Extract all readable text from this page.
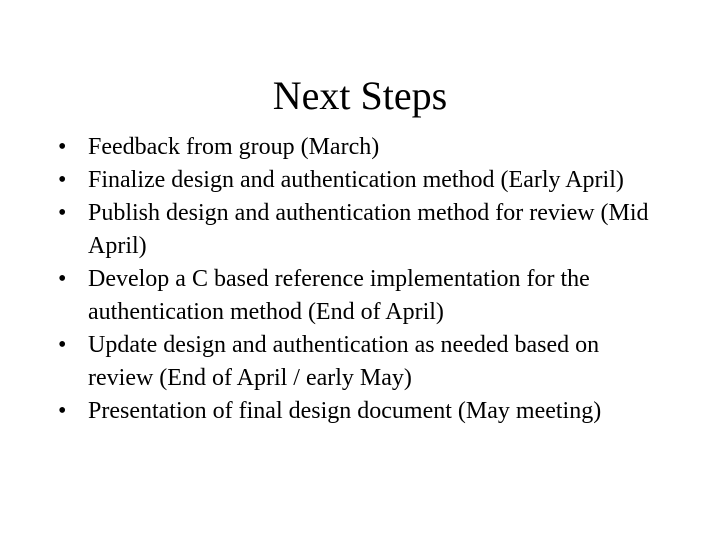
Next Steps
• Feedback from group (March)
• Finalize design and authentication method (Early April)
• Publish design and authentication method for review (Mid April)
• Develop a C based reference implementation for the authentication method (End of April)
• Update design and authentication as needed based on review (End of April / early May)
• Presentation of final design document (May meeting)
